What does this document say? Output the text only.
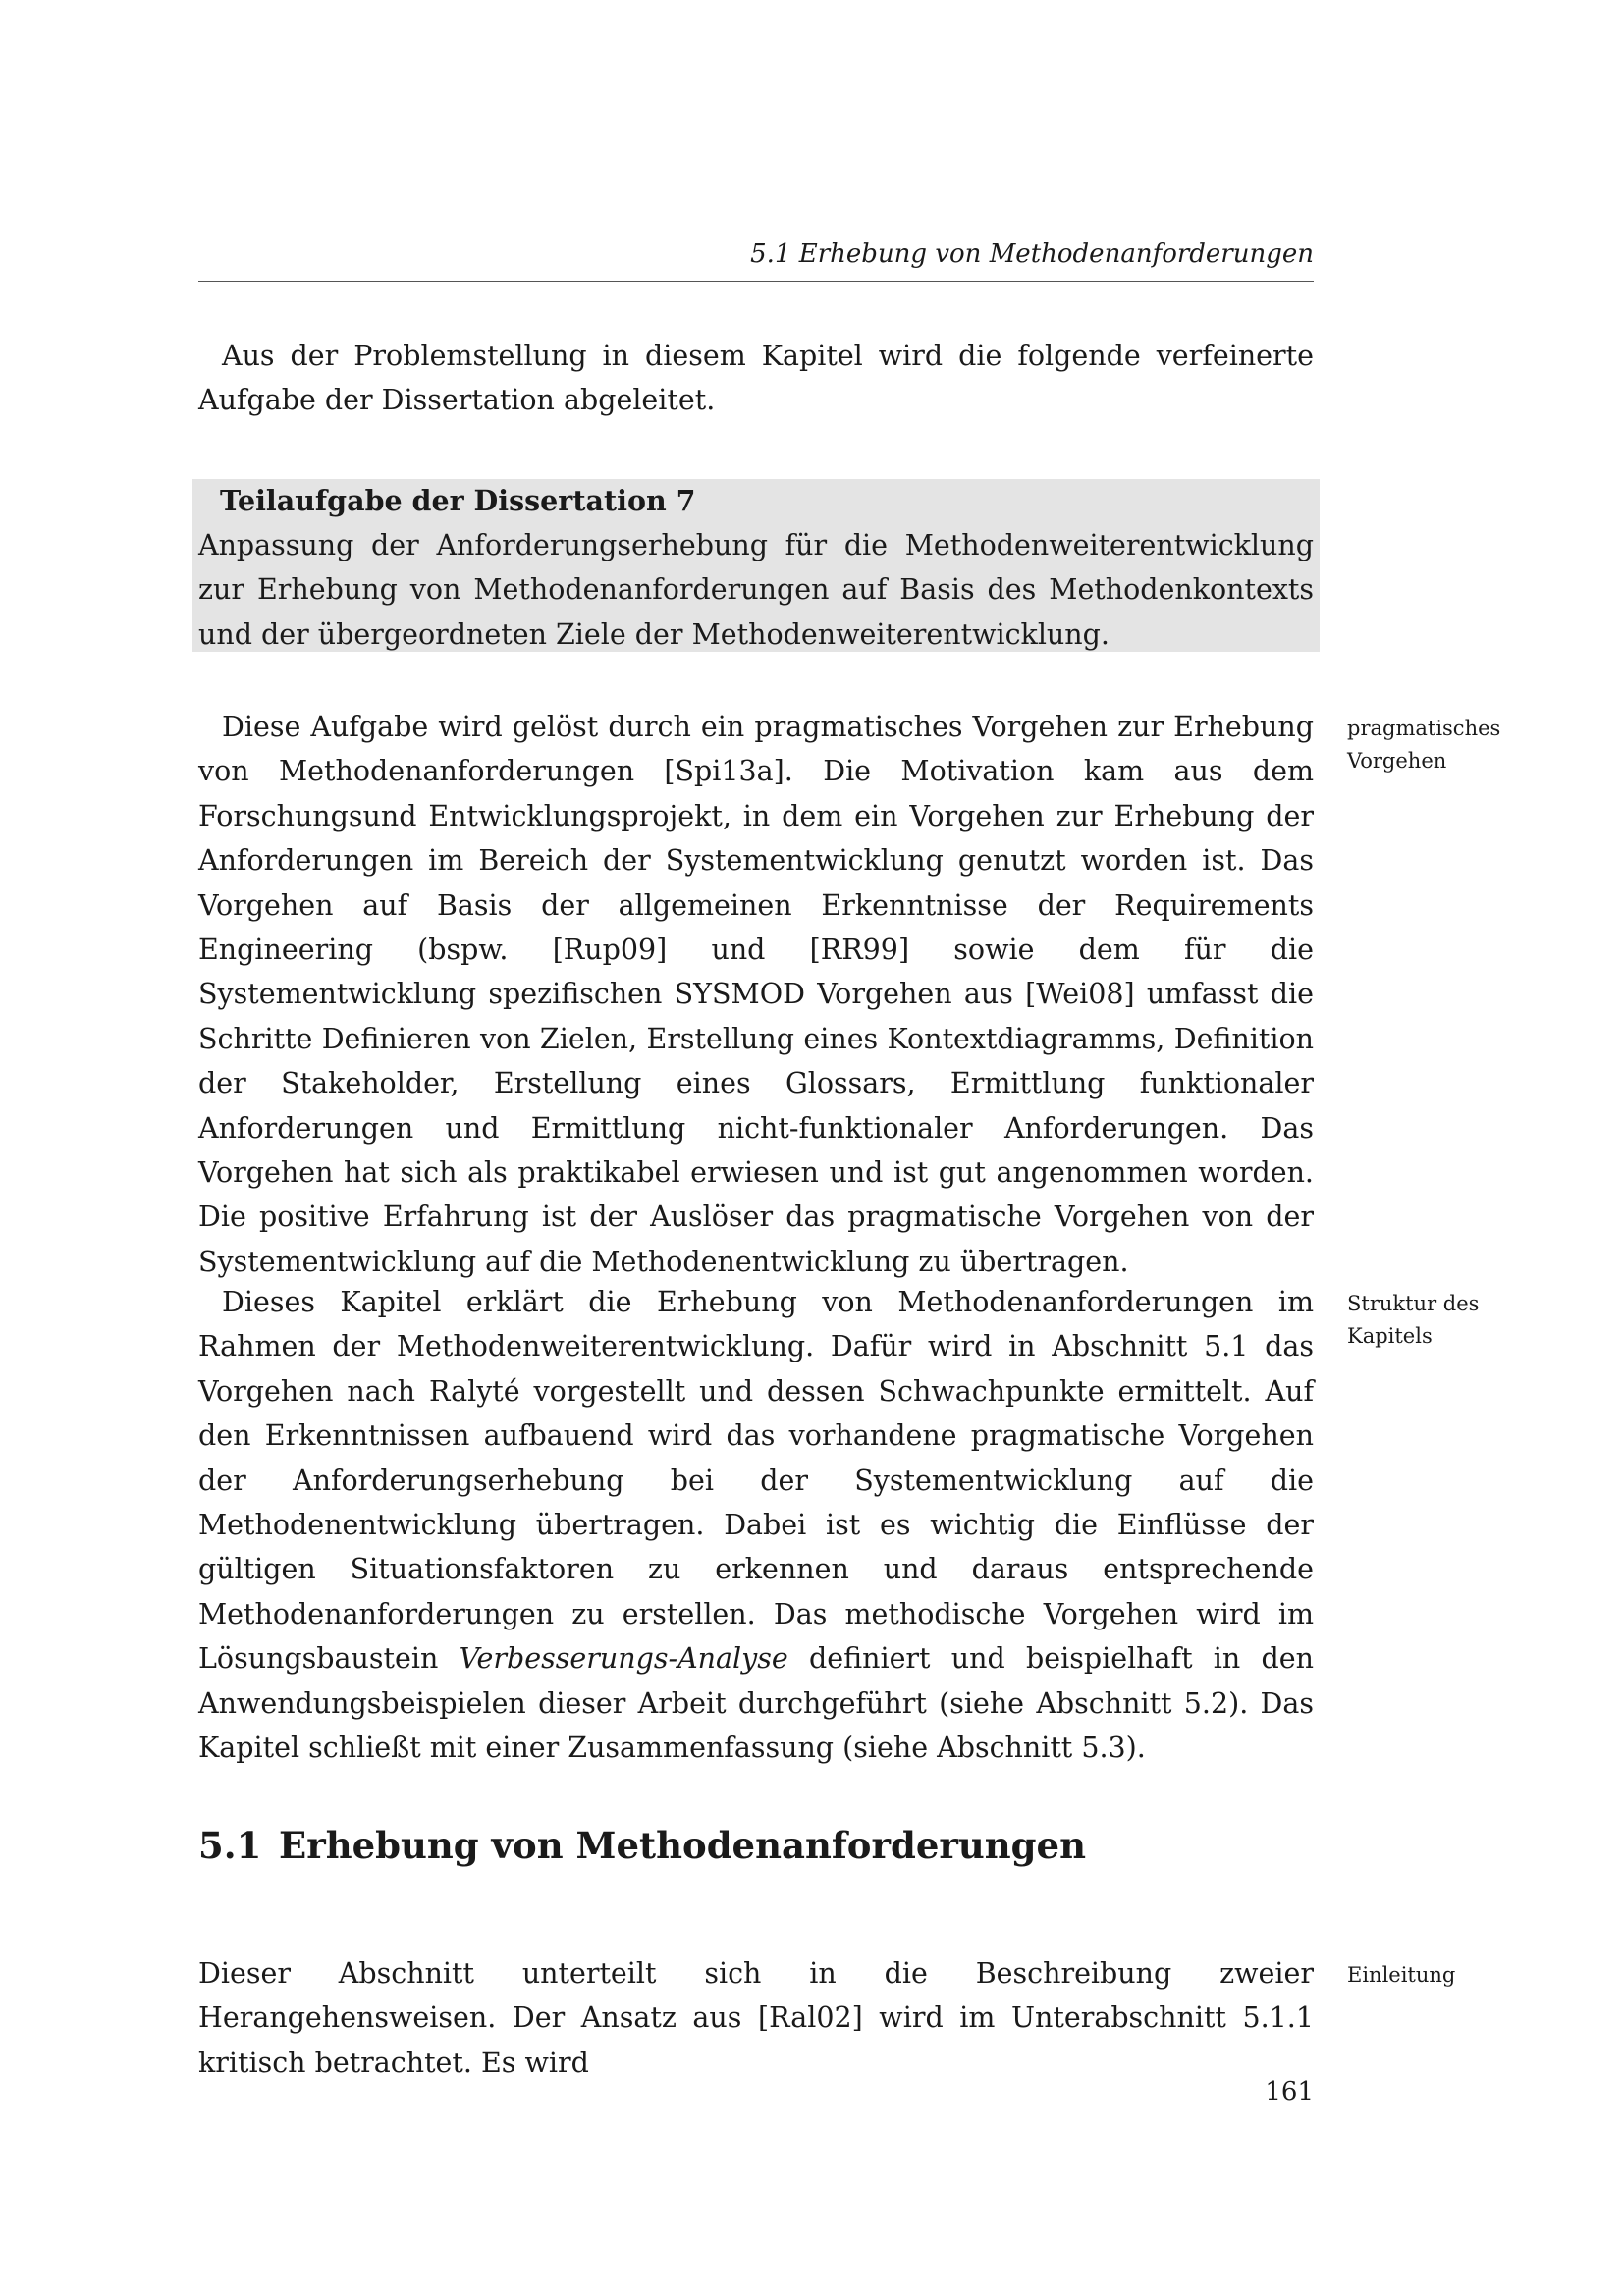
5.1 Erhebung von Methodenanforderungen

Aus der Problemstellung in diesem Kapitel wird die folgende verfeinerte Aufgabe der Dissertation abgeleitet.

Teilaufgabe der Dissertation 7
Anpassung der Anforderungserhebung für die Methodenweiterentwicklung zur Erhebung von Methodenanforderungen auf Basis des Methodenkontexts und der übergeordneten Ziele der Methodenweiterentwicklung.

Diese Aufgabe wird gelöst durch ein pragmatisches Vorgehen zur Erhebung von Methodenanforderungen [Spi13a]. Die Motivation kam aus dem Forschungsund Entwicklungsprojekt, in dem ein Vorgehen zur Erhebung der Anforderungen im Bereich der Systementwicklung genutzt worden ist. Das Vorgehen auf Basis der allgemeinen Erkenntnisse der Requirements Engineering (bspw. [Rup09] und [RR99] sowie dem für die Systementwicklung spezifischen SYSMOD Vorgehen aus [Wei08] umfasst die Schritte Definieren von Zielen, Erstellung eines Kontextdiagramms, Definition der Stakeholder, Erstellung eines Glossars, Ermittlung funktionaler Anforderungen und Ermittlung nicht-funktionaler Anforderungen. Das Vorgehen hat sich als praktikabel erwiesen und ist gut angenommen worden. Die positive Erfahrung ist der Auslöser das pragmatische Vorgehen von der Systementwicklung auf die Methodenentwicklung zu übertragen.

pragmatisches Vorgehen

Dieses Kapitel erklärt die Erhebung von Methodenanforderungen im Rahmen der Methodenweiterentwicklung. Dafür wird in Abschnitt 5.1 das Vorgehen nach Ralyté vorgestellt und dessen Schwachpunkte ermittelt. Auf den Erkenntnissen aufbauend wird das vorhandene pragmatische Vorgehen der Anforderungserhebung bei der Systementwicklung auf die Methodenentwicklung übertragen. Dabei ist es wichtig die Einflüsse der gültigen Situationsfaktoren zu erkennen und daraus entsprechende Methodenanforderungen zu erstellen. Das methodische Vorgehen wird im Lösungsbaustein Verbesserungs-Analyse definiert und beispielhaft in den Anwendungsbeispielen dieser Arbeit durchgeführt (siehe Abschnitt 5.2). Das Kapitel schließt mit einer Zusammenfassung (siehe Abschnitt 5.3).

Struktur des Kapitels
5.1 Erhebung von Methodenanforderungen

Dieser Abschnitt unterteilt sich in die Beschreibung zweier Herangehensweisen. Der Ansatz aus [Ral02] wird im Unterabschnitt 5.1.1 kritisch betrachtet. Es wird

Einleitung
161
